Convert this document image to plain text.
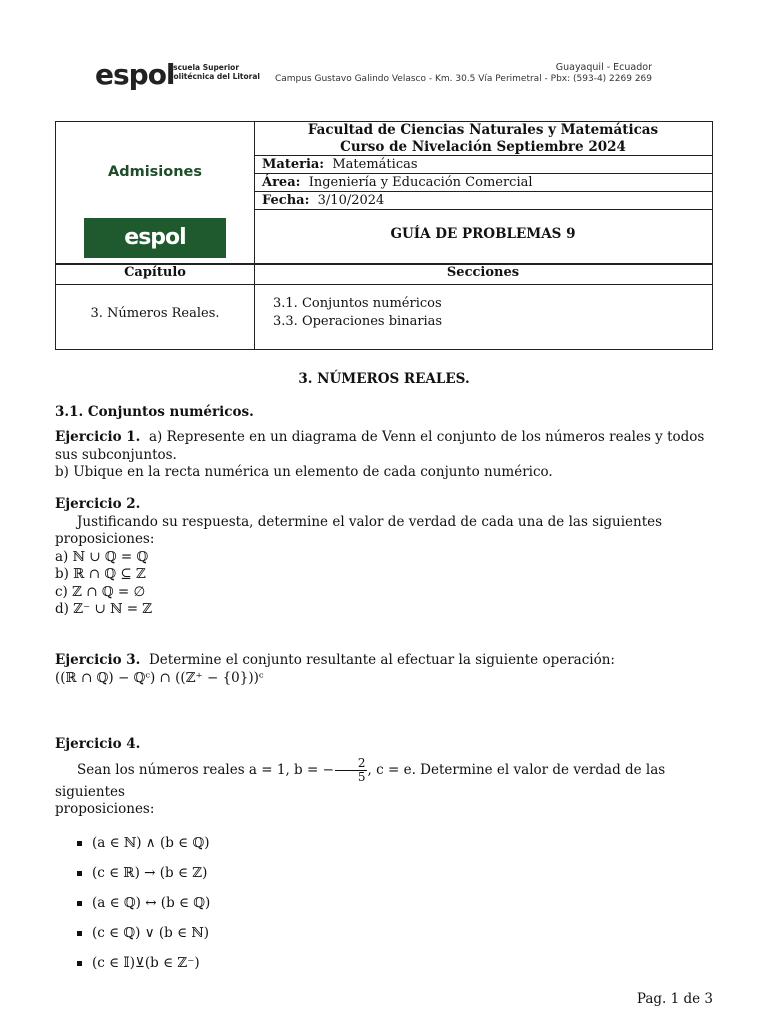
espol
Escuela Superior
Politécnica del Litoral
Guayaquil - Ecuador
Campus Gustavo Galindo Velasco - Km. 30.5 Vía Perimetral - Pbx: (593-4) 2269 269
Admisiones
espol
Facultad de Ciencias Naturales y Matemáticas
Curso de Nivelación Septiembre 2024
Materia: Matemáticas
Área: Ingeniería y Educación Comercial
Fecha: 3/10/2024
GUÍA DE PROBLEMAS 9
Capítulo	Secciones
3. Números Reales.
3.1. Conjuntos numéricos
3.3. Operaciones binarias
3. NÚMEROS REALES.
3.1. Conjuntos numéricos.
Ejercicio 1. a) Represente en un diagrama de Venn el conjunto de los números reales y todos sus subconjuntos.
b) Ubique en la recta numérica un elemento de cada conjunto numérico.
Ejercicio 2.
Justificando su respuesta, determine el valor de verdad de cada una de las siguientes proposiciones:
a) ℕ ∪ ℚ = ℚ
b) ℝ ∩ ℚ ⊆ ℤ
c) ℤ ∩ ℚ = ∅
d) ℤ⁻ ∪ ℕ = ℤ
Ejercicio 3. Determine el conjunto resultante al efectuar la siguiente operación:
((ℝ ∩ ℚ) − ℚᶜ) ∩ ((ℤ⁺ − {0}))ᶜ
Ejercicio 4.
Sean los números reales a = 1, b = − $\frac{2}{5}$ , c = e. Determine el valor de verdad de las siguientes
proposiciones:
(a ∈ ℕ) ∧ (b ∈ ℚ)
(c ∈ ℝ) → (b ∈ ℤ)
(a ∈ ℚ) ↔ (b ∈ ℚ)
(c ∈ ℚ) ∨ (b ∈ ℕ)
(c ∈ 𝕀)⊻(b ∈ ℤ⁻)
Pag. 1 de 3
